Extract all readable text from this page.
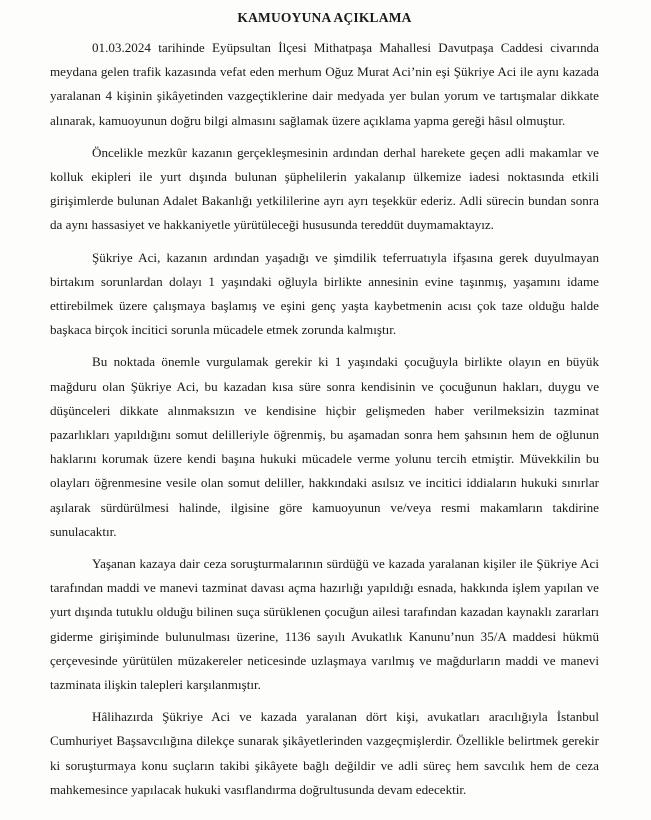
KAMUOYUNA AÇIKLAMA

01.03.2024 tarihinde Eyüpsultan İlçesi Mithatpaşa Mahallesi Davutpaşa Caddesi civarında meydana gelen trafik kazasında vefat eden merhum Oğuz Murat Aci’nin eşi Şükriye Aci ile aynı kazada yaralanan 4 kişinin şikâyetinden vazgeçtiklerine dair medyada yer bulan yorum ve tartışmalar dikkate alınarak, kamuoyunun doğru bilgi almasını sağlamak üzere açıklama yapma gereği hâsıl olmuştur.

Öncelikle mezkûr kazanın gerçekleşmesinin ardından derhal harekete geçen adli makamlar ve kolluk ekipleri ile yurt dışında bulunan şüphelilerin yakalanıp ülkemize iadesi noktasında etkili girişimlerde bulunan Adalet Bakanlığı yetkililerine ayrı ayrı teşekkür ederiz. Adli sürecin bundan sonra da aynı hassasiyet ve hakkaniyetle yürütüleceği hususunda tereddüt duymamaktayız.

Şükriye Aci, kazanın ardından yaşadığı ve şimdilik teferruatıyla ifşasına gerek duyulmayan birtakım sorunlardan dolayı 1 yaşındaki oğluyla birlikte annesinin evine taşınmış, yaşamını idame ettirebilmek üzere çalışmaya başlamış ve eşini genç yaşta kaybetmenin acısı çok taze olduğu halde başkaca birçok incitici sorunla mücadele etmek zorunda kalmıştır.

Bu noktada önemle vurgulamak gerekir ki 1 yaşındaki çocuğuyla birlikte olayın en büyük mağduru olan Şükriye Aci, bu kazadan kısa süre sonra kendisinin ve çocuğunun hakları, duygu ve düşünceleri dikkate alınmaksızın ve kendisine hiçbir gelişmeden haber verilmeksizin tazminat pazarlıkları yapıldığını somut delilleriyle öğrenmiş, bu aşamadan sonra hem şahsının hem de oğlunun haklarını korumak üzere kendi başına hukuki mücadele verme yolunu tercih etmiştir. Müvekkilin bu olayları öğrenmesine vesile olan somut deliller, hakkındaki asılsız ve incitici iddiaların hukuki sınırlar aşılarak sürdürülmesi halinde, ilgisine göre kamuoyunun ve/veya resmi makamların takdirine sunulacaktır.

Yaşanan kazaya dair ceza soruşturmalarının sürdüğü ve kazada yaralanan kişiler ile Şükriye Aci tarafından maddi ve manevi tazminat davası açma hazırlığı yapıldığı esnada, hakkında işlem yapılan ve yurt dışında tutuklu olduğu bilinen suça sürüklenen çocuğun ailesi tarafından kazadan kaynaklı zararları giderme girişiminde bulunulması üzerine, 1136 sayılı Avukatlık Kanunu’nun 35/A maddesi hükmü çerçevesinde yürütülen müzakereler neticesinde uzlaşmaya varılmış ve mağdurların maddi ve manevi tazminata ilişkin talepleri karşılanmıştır.

Hâlihazırda Şükriye Aci ve kazada yaralanan dört kişi, avukatları aracılığıyla İstanbul Cumhuriyet Başsavcılığına dilekçe sunarak şikâyetlerinden vazgeçmişlerdir. Özellikle belirtmek gerekir ki soruşturmaya konu suçların takibi şikâyete bağlı değildir ve adli süreç hem savcılık hem de ceza mahkemesince yapılacak hukuki vasıflandırma doğrultusunda devam edecektir.
